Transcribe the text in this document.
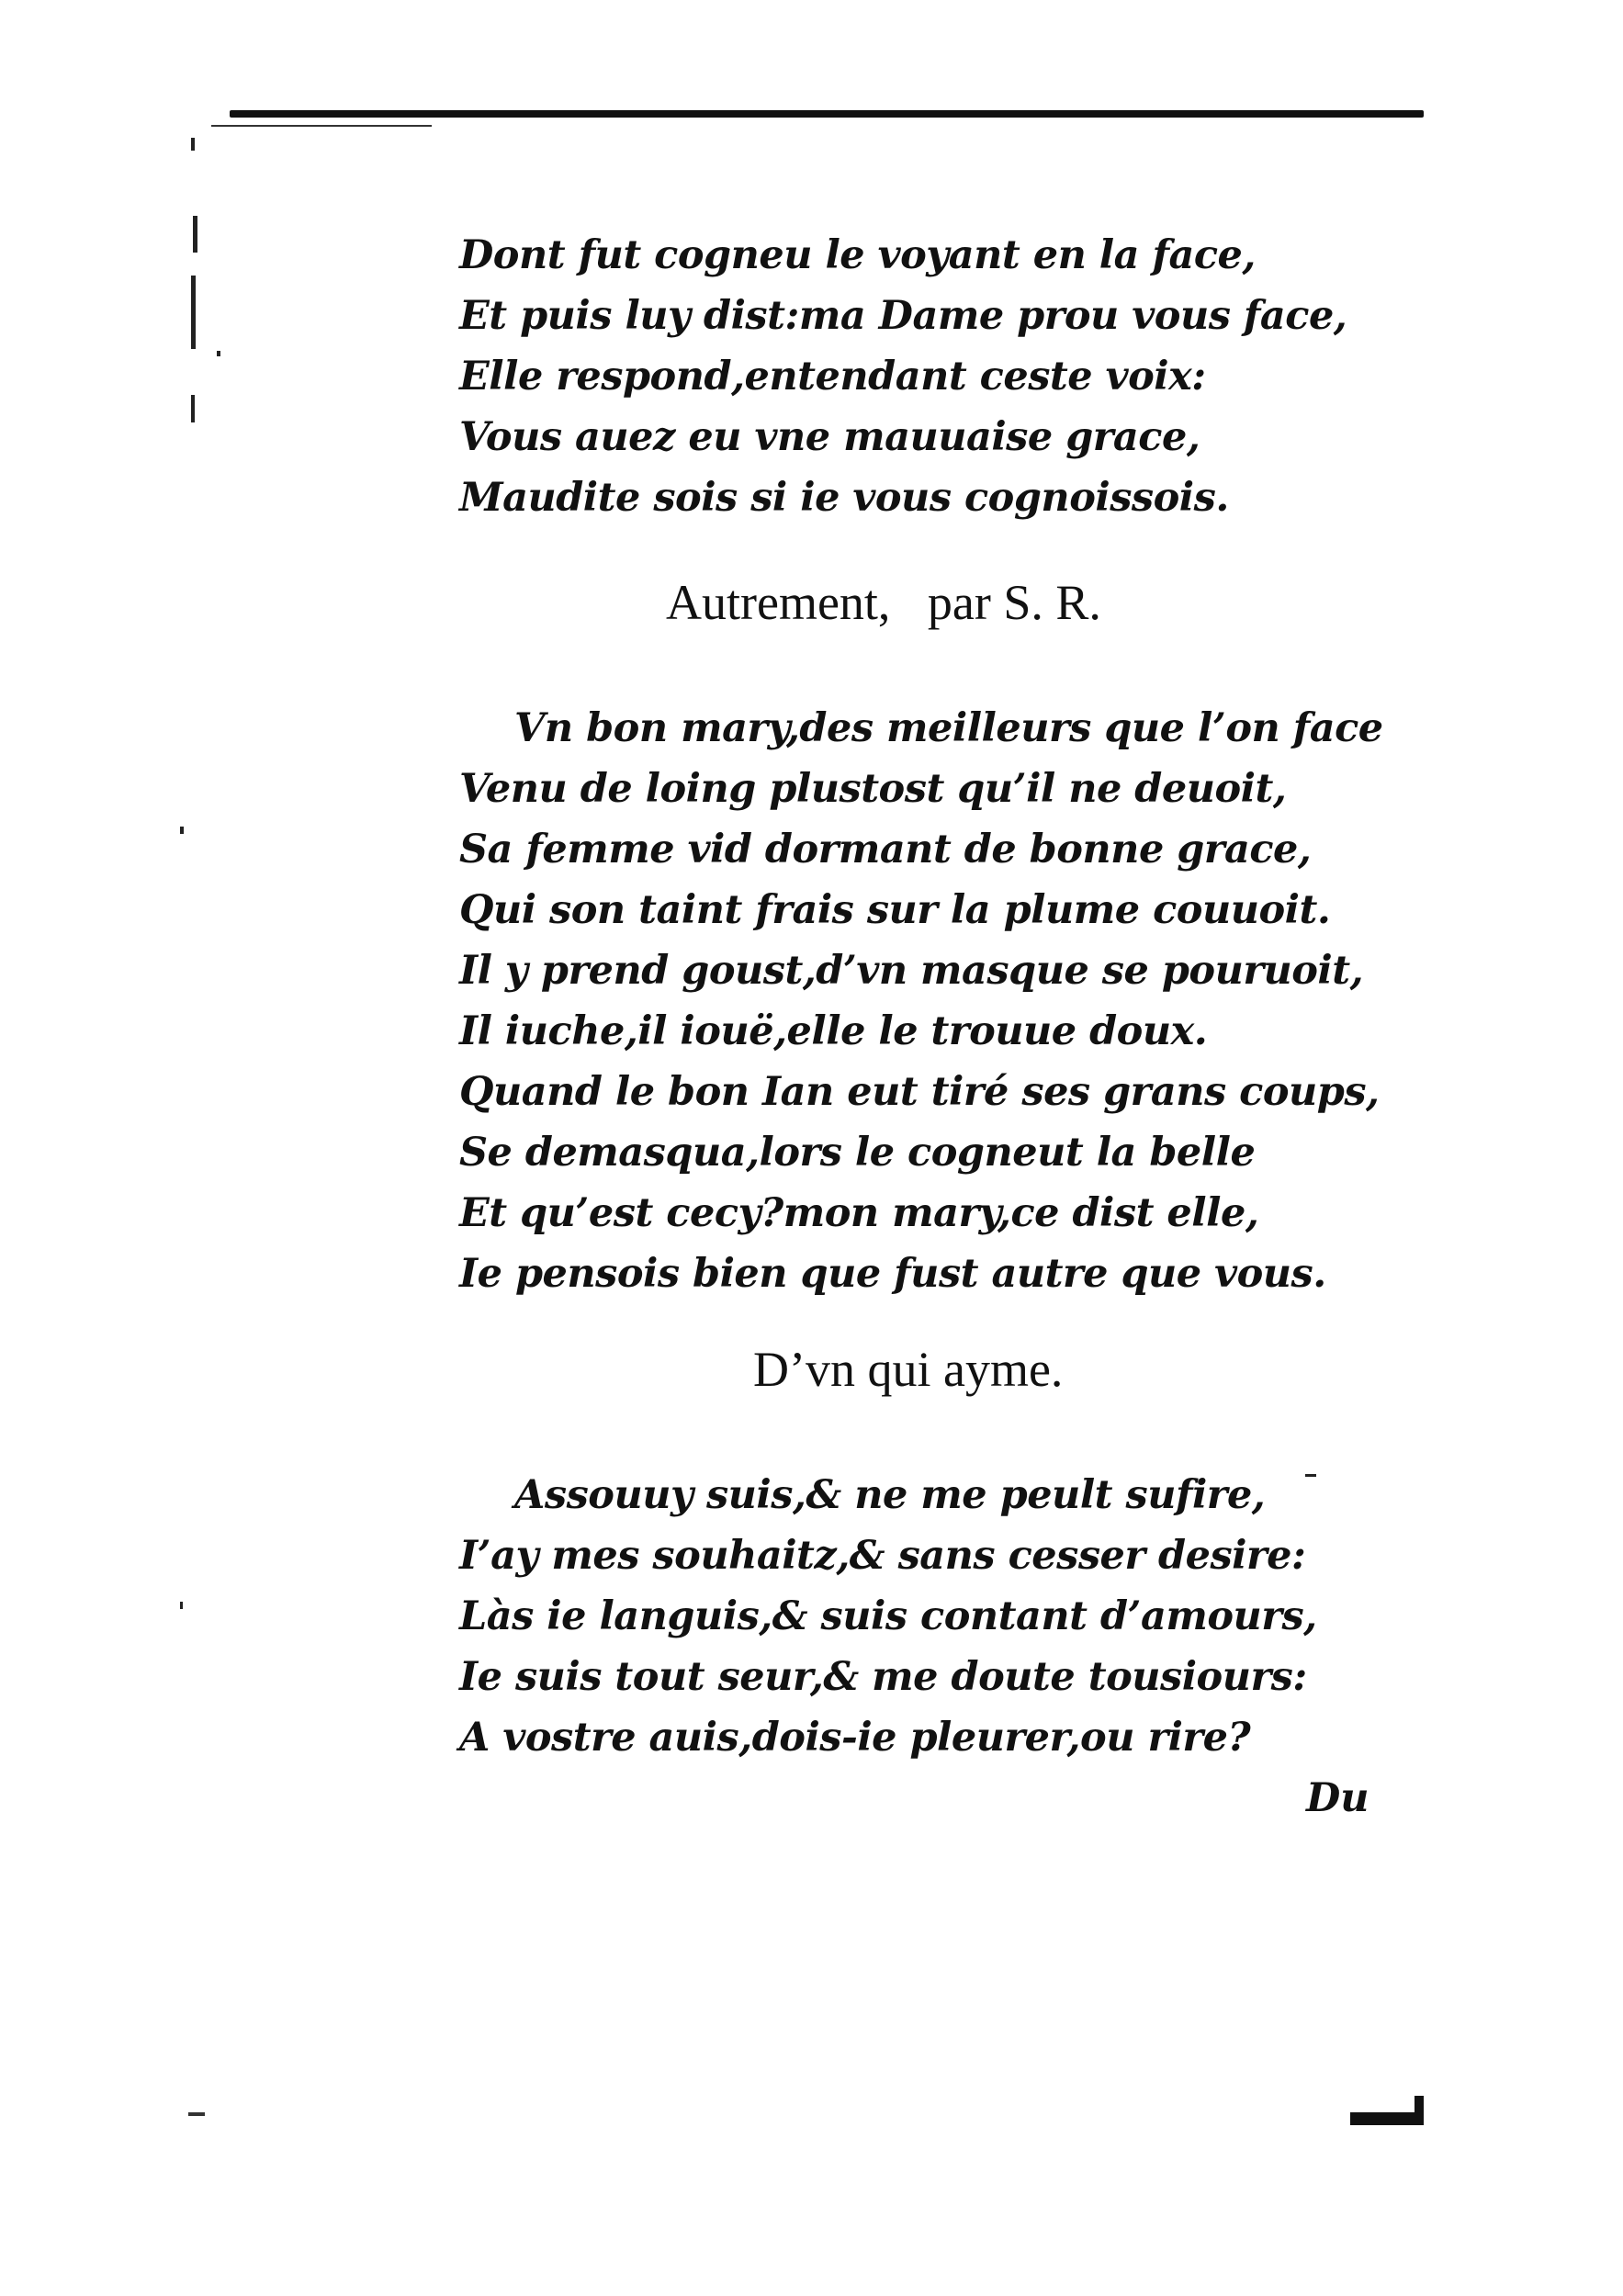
Dont fut cogneu le voyant en la face,
Et puis luy dist:ma Dame prou vous face,
Elle respond,entendant ceste voix:
Vous auez eu vne mauuaise grace,
Maudite sois si ie vous cognoissois.
Autrement,   par S. R.
Vn bon mary,des meilleurs que l’on face
Venu de loing plustost qu’il ne deuoit,
Sa femme vid dormant de bonne grace,
Qui son taint frais sur la plume couuoit.
Il y prend goust,d’vn masque se pouruoit,
Il iuche,il iouë,elle le trouue doux.
Quand le bon Ian eut tiré ses grans coups,
Se demasqua,lors le cogneut la belle
Et qu’est cecy?mon mary,ce dist elle,
Ie pensois bien que fust autre que vous.
D’vn qui ayme.
Assouuy suis,& ne me peult sufire,
I’ay mes souhaitz,& sans cesser desire:
Làs ie languis,& suis contant d’amours,
Ie suis tout seur,& me doute tousiours:
A vostre auis,dois-ie pleurer,ou rire?

Du
